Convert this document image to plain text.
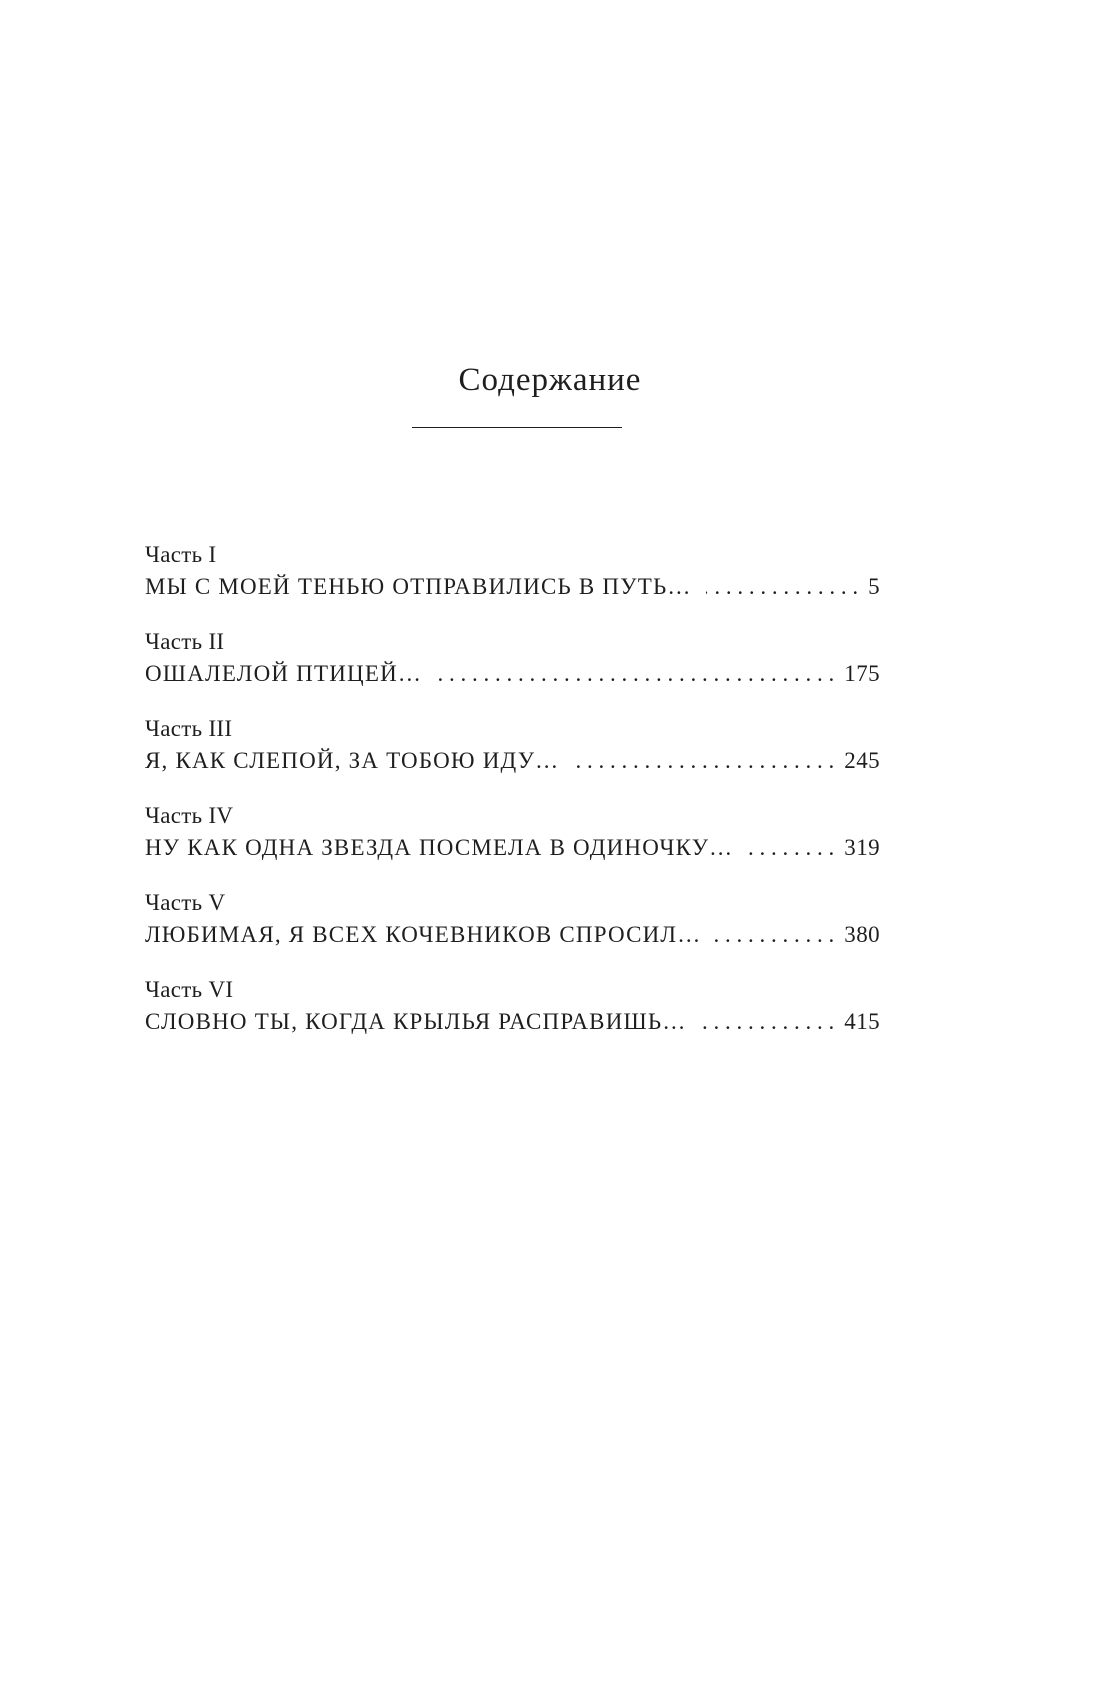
Содержание
Часть I
МЫ С МОЕЙ ТЕНЬЮ ОТПРАВИЛИСЬ В ПУТЬ… . . .	5
Часть II
ОШАЛЕЛОЙ ПТИЦЕЙ… . . .	175
Часть III
Я, КАК СЛЕПОЙ, ЗА ТОБОЮ ИДУ… . . .	245
Часть IV
НУ КАК ОДНА ЗВЕЗДА ПОСМЕЛА В ОДИНОЧКУ… . . .	319
Часть V
ЛЮБИМАЯ, Я ВСЕХ КОЧЕВНИКОВ СПРОСИЛ… . . .	380
Часть VI
СЛОВНО ТЫ, КОГДА КРЫЛЬЯ РАСПРАВИШЬ… . . .	415
